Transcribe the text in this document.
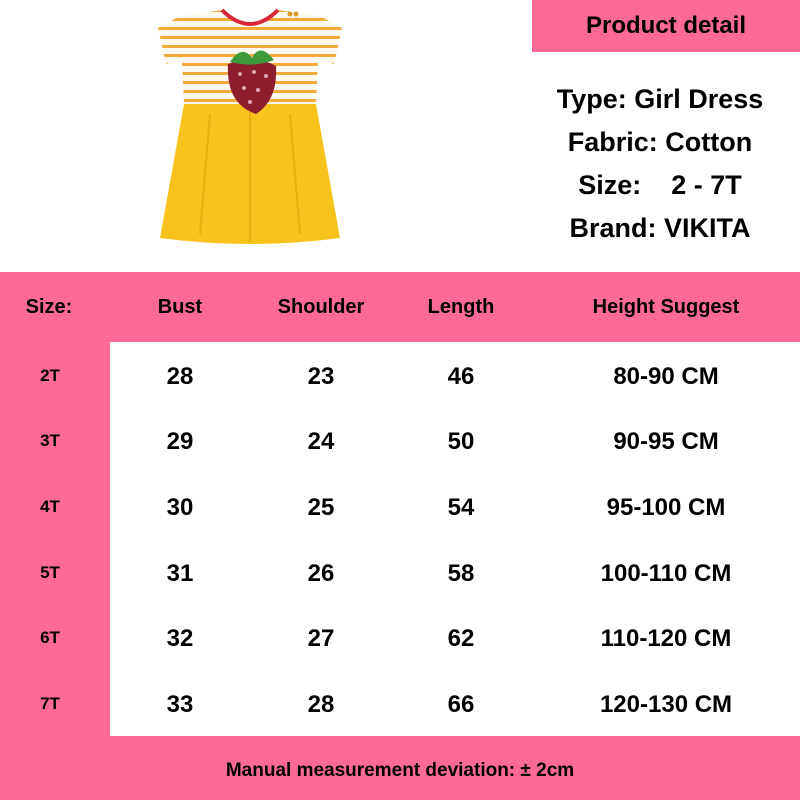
Product detail
Type: Girl Dress
Fabric: Cotton
Size:    2 - 7T
Brand: VIKITA
Size:	Bust	Shoulder	Length	Height Suggest
2T	28	23	46	80-90 CM
3T	29	24	50	90-95 CM
4T	30	25	54	95-100 CM
5T	31	26	58	100-110 CM
6T	32	27	62	110-120 CM
7T	33	28	66	120-130 CM
Manual measurement deviation: ± 2cm
